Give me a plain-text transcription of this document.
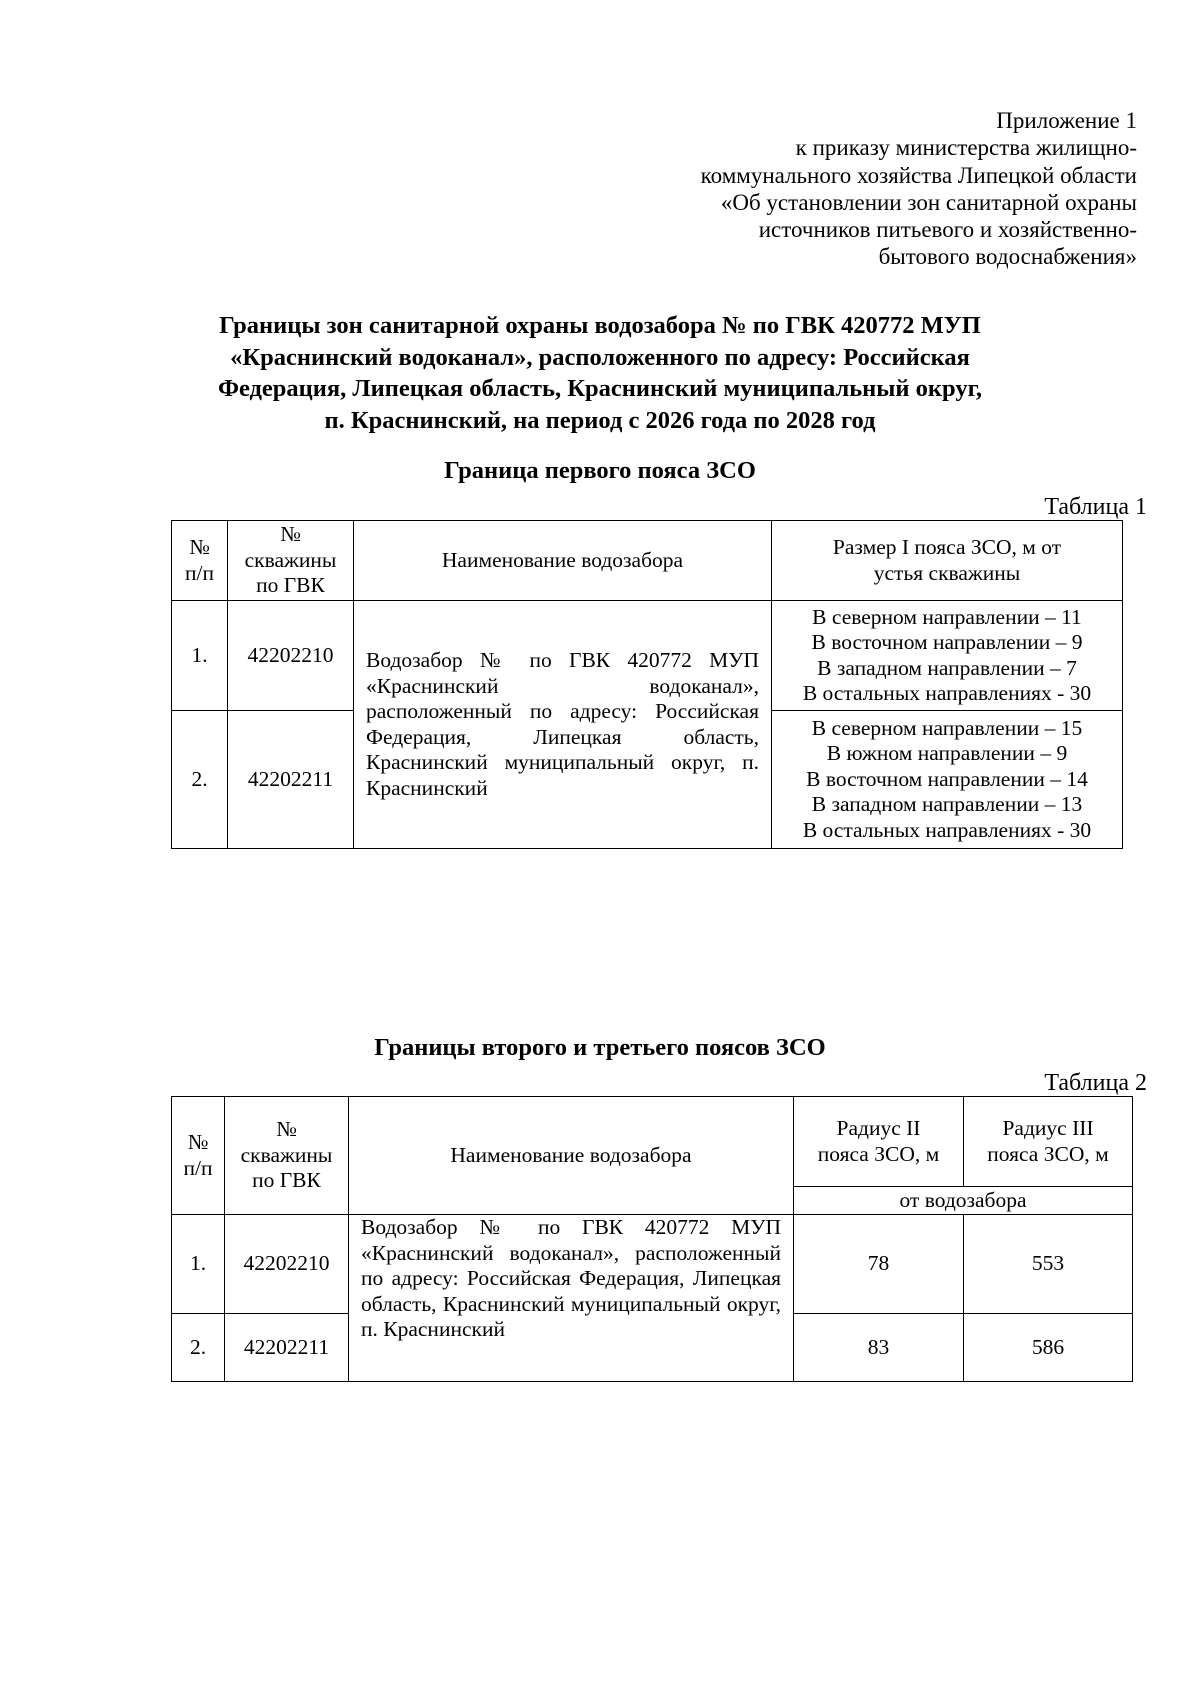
Приложение 1
к приказу министерства жилищно-
коммунального хозяйства Липецкой области
«Об установлении зон санитарной охраны
источников питьевого и хозяйственно-
бытового водоснабжения»
Границы зон санитарной охраны водозабора № по ГВК 420772 МУП
«Краснинский водоканал», расположенного по адресу: Российская
Федерация, Липецкая область, Краснинский муниципальный округ,
п. Краснинский, на период с 2026 года по 2028 год
Граница первого пояса ЗСО
Таблица 1
№ п/п	№ скважины по ГВК	Наименование водозабора	Размер I пояса ЗСО, м от устья скважины

1.	42202210	Водозабор № по ГВК 420772 МУП «Краснинский водоканал», расположенный по адресу: Российская Федерация, Липецкая область, Краснинский муниципальный округ, п. Краснинский	В северном направлении – 11
В восточном направлении – 9
В западном направлении – 7
В остальных направлениях - 30

2.	42202211		В северном направлении – 15
В южном направлении – 9
В восточном направлении – 14
В западном направлении – 13
В остальных направлениях - 30
Границы второго и третьего поясов ЗСО
Таблица 2
№ п/п	№ скважины по ГВК	Наименование водозабора	Радиус II пояса ЗСО, м	Радиус III пояса ЗСО, м

			от водозабора	
1.	42202210	Водозабор № по ГВК 420772 МУП «Краснинский водоканал», расположенный по адресу: Российская Федерация, Липецкая область, Краснинский муниципальный округ, п. Краснинский	78	553
2.	42202211		83	586
